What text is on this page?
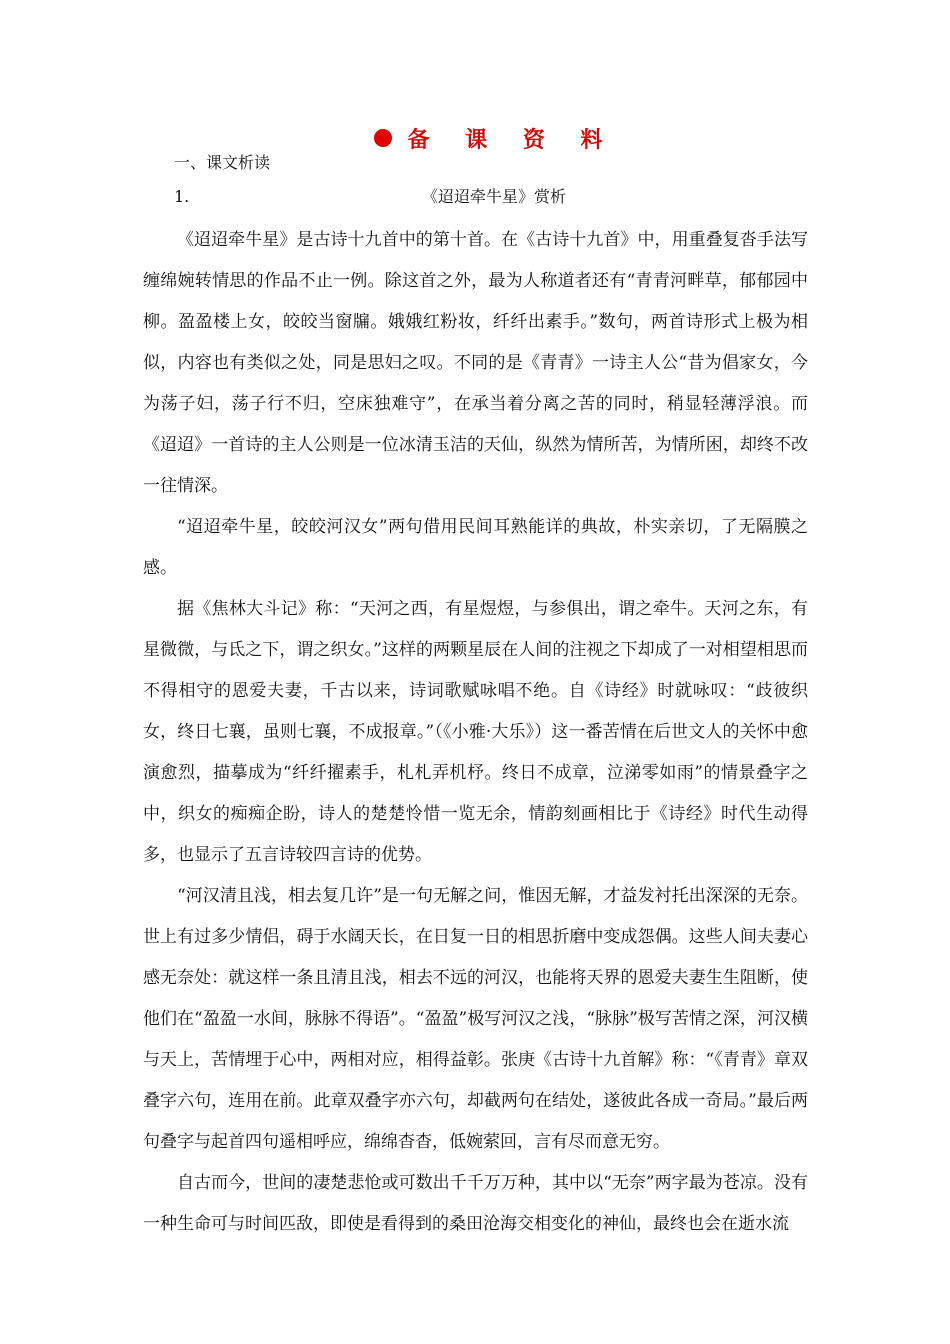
备 课 资 料
一、课文析读
1.	《迢迢牵牛星》赏析

《迢迢牵牛星》是古诗十九首中的第十首。在《古诗十九首》中，用重叠复沓手法写缠绵婉转情思的作品不止一例。除这首之外，最为人称道者还有“青青河畔草，郁郁园中柳。盈盈楼上女，皎皎当窗牖。娥娥红粉妆，纤纤出素手。”数句，两首诗形式上极为相似，内容也有类似之处，同是思妇之叹。不同的是《青青》一诗主人公“昔为倡家女，今为荡子妇，荡子行不归，空床独难守”，在承当着分离之苦的同时，稍显轻薄浮浪。而《迢迢》一首诗的主人公则是一位冰清玉洁的天仙，纵然为情所苦，为情所困，却终不改一往情深。

“迢迢牵牛星，皎皎河汉女”两句借用民间耳熟能详的典故，朴实亲切，了无隔膜之感。

据《焦林大斗记》称：“天河之西，有星煜煜，与参俱出，谓之牵牛。天河之东，有星微微，与氐之下，谓之织女。”这样的两颗星辰在人间的注视之下却成了一对相望相思而不得相守的恩爱夫妻，千古以来，诗词歌赋咏唱不绝。自《诗经》时就咏叹：“歧彼织女，终日七襄，虽则七襄，不成报章。”（《小雅·大乐》）这一番苦情在后世文人的关怀中愈演愈烈，描摹成为“纤纤擢素手，札札弄机杼。终日不成章，泣涕零如雨”的情景叠字之中，织女的痴痴企盼，诗人的楚楚怜惜一览无余，情韵刻画相比于《诗经》时代生动得多，也显示了五言诗较四言诗的优势。

“河汉清且浅，相去复几许”是一句无解之问，惟因无解，才益发衬托出深深的无奈。世上有过多少情侣，碍于水阔天长，在日复一日的相思折磨中变成怨偶。这些人间夫妻心感无奈处：就这样一条且清且浅，相去不远的河汉，也能将天界的恩爱夫妻生生阻断，使他们在“盈盈一水间，脉脉不得语”。“盈盈”极写河汉之浅，“脉脉”极写苦情之深，河汉横与天上，苦情埋于心中，两相对应，相得益彰。张庚《古诗十九首解》称：“《青青》章双叠字六句，连用在前。此章双叠字亦六句，却截两句在结处，遂彼此各成一奇局。”最后两句叠字与起首四句遥相呼应，绵绵杳杳，低婉萦回，言有尽而意无穷。

自古而今，世间的凄楚悲怆或可数出千千万万种，其中以“无奈”两字最为苍凉。没有一种生命可与时间匹敌，即使是看得到的桑田沧海交相变化的神仙，最终也会在逝水流
